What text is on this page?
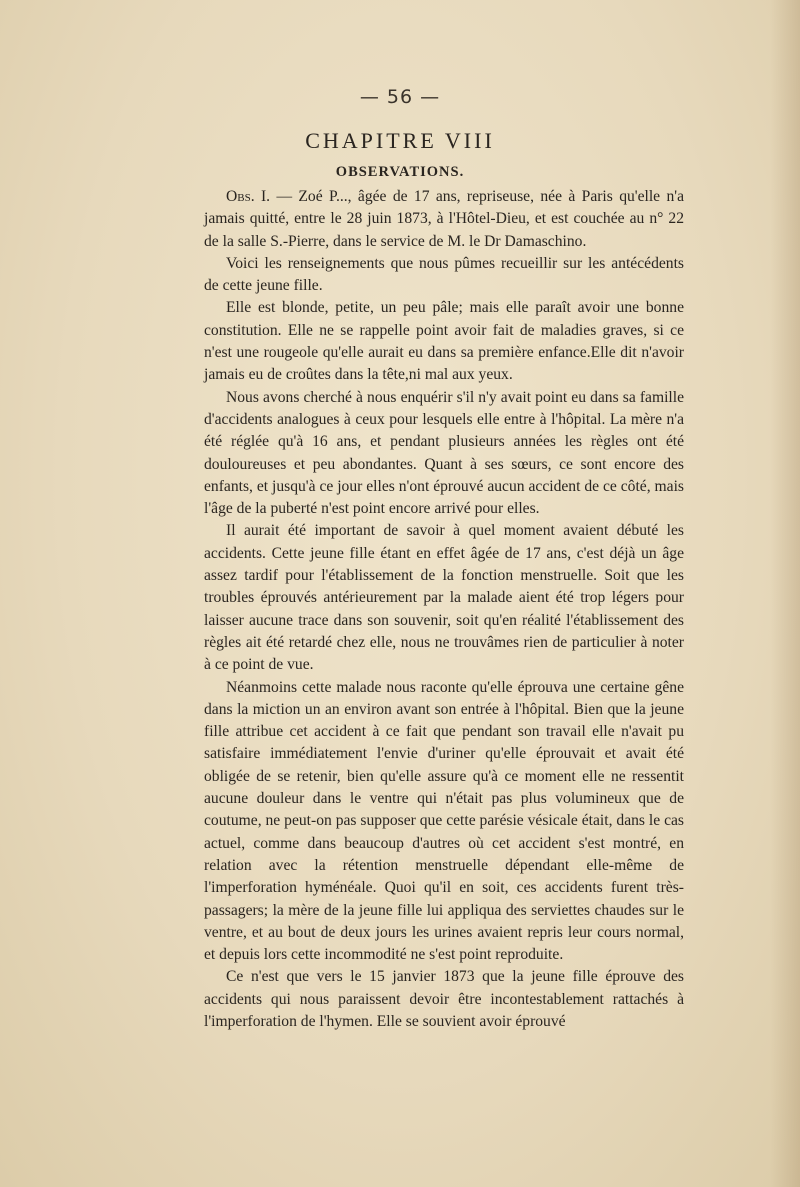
— 56 —
CHAPITRE VIII
OBSERVATIONS.

Obs. I. — Zoé P..., âgée de 17 ans, repriseuse, née à Paris qu'elle n'a jamais quitté, entre le 28 juin 1873, à l'Hôtel-Dieu, et est couchée au n° 22 de la salle S.-Pierre, dans le service de M. le Dr Damaschino.

Voici les renseignements que nous pûmes recueillir sur les antécédents de cette jeune fille.

Elle est blonde, petite, un peu pâle; mais elle paraît avoir une bonne constitution. Elle ne se rappelle point avoir fait de maladies graves, si ce n'est une rougeole qu'elle aurait eu dans sa première enfance.Elle dit n'avoir jamais eu de croûtes dans la tête,ni mal aux yeux.

Nous avons cherché à nous enquérir s'il n'y avait point eu dans sa famille d'accidents analogues à ceux pour lesquels elle entre à l'hôpital. La mère n'a été réglée qu'à 16 ans, et pendant plusieurs années les règles ont été douloureuses et peu abondantes. Quant à ses sœurs, ce sont encore des enfants, et jusqu'à ce jour elles n'ont éprouvé aucun accident de ce côté, mais l'âge de la puberté n'est point encore arrivé pour elles.

Il aurait été important de savoir à quel moment avaient débuté les accidents. Cette jeune fille étant en effet âgée de 17 ans, c'est déjà un âge assez tardif pour l'établissement de la fonction menstruelle. Soit que les troubles éprouvés antérieurement par la malade aient été trop légers pour laisser aucune trace dans son souvenir, soit qu'en réalité l'établissement des règles ait été retardé chez elle, nous ne trouvâmes rien de particulier à noter à ce point de vue.

Néanmoins cette malade nous raconte qu'elle éprouva une certaine gêne dans la miction un an environ avant son entrée à l'hôpital. Bien que la jeune fille attribue cet accident à ce fait que pendant son travail elle n'avait pu satisfaire immédiatement l'envie d'uriner qu'elle éprouvait et avait été obligée de se retenir, bien qu'elle assure qu'à ce moment elle ne ressentit aucune douleur dans le ventre qui n'était pas plus volumineux que de coutume, ne peut-on pas supposer que cette parésie vésicale était, dans le cas actuel, comme dans beaucoup d'autres où cet accident s'est montré, en relation avec la rétention menstruelle dépendant elle-même de l'imperforation hyménéale. Quoi qu'il en soit, ces accidents furent très-passagers; la mère de la jeune fille lui appliqua des serviettes chaudes sur le ventre, et au bout de deux jours les urines avaient repris leur cours normal, et depuis lors cette incommodité ne s'est point reproduite.

Ce n'est que vers le 15 janvier 1873 que la jeune fille éprouve des accidents qui nous paraissent devoir être incontestablement rattachés à l'imperforation de l'hymen. Elle se souvient avoir éprouvé
